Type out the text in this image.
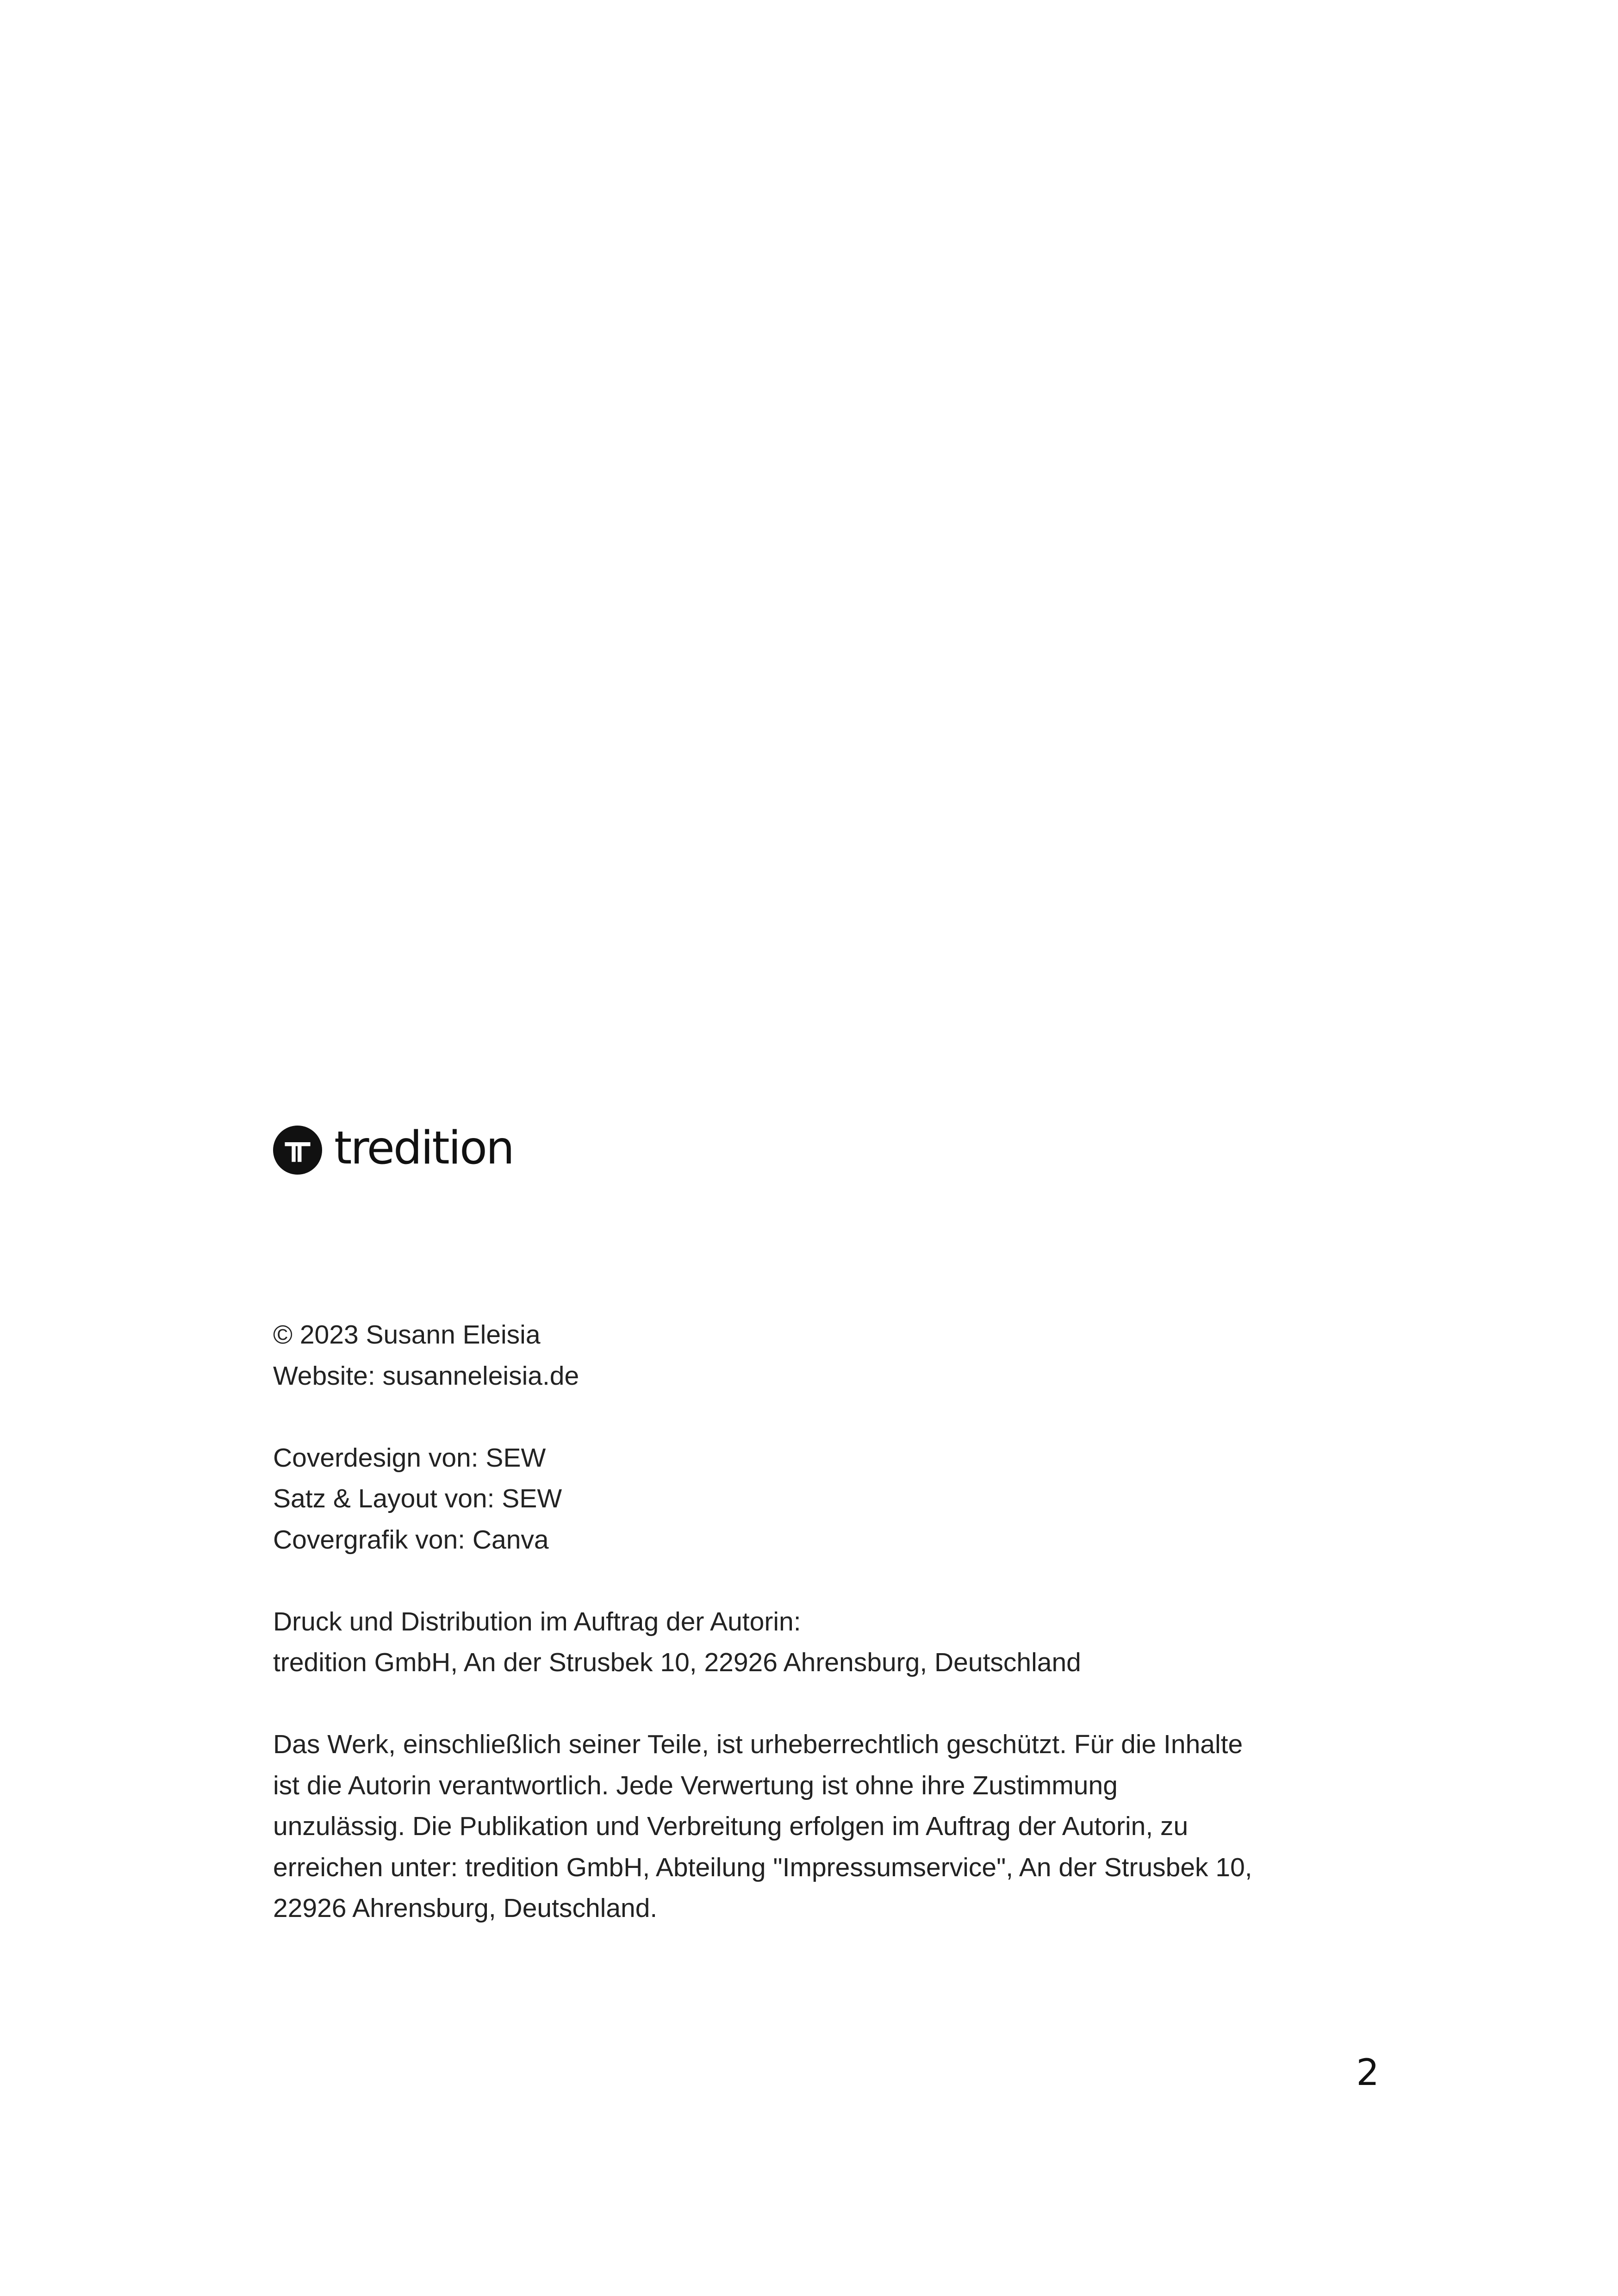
tredition
© 2023 Susann Eleisia
Website: susanneleisia.de
Coverdesign von: SEW
Satz & Layout von: SEW
Covergrafik von: Canva
Druck und Distribution im Auftrag der Autorin:
tredition GmbH, An der Strusbek 10, 22926 Ahrensburg, Deutschland
Das Werk, einschließlich seiner Teile, ist urheberrechtlich geschützt. Für die Inhalte
ist die Autorin verantwortlich. Jede Verwertung ist ohne ihre Zustimmung
unzulässig. Die Publikation und Verbreitung erfolgen im Auftrag der Autorin, zu
erreichen unter: tredition GmbH, Abteilung "Impressumservice", An der Strusbek 10,
22926 Ahrensburg, Deutschland.
2
